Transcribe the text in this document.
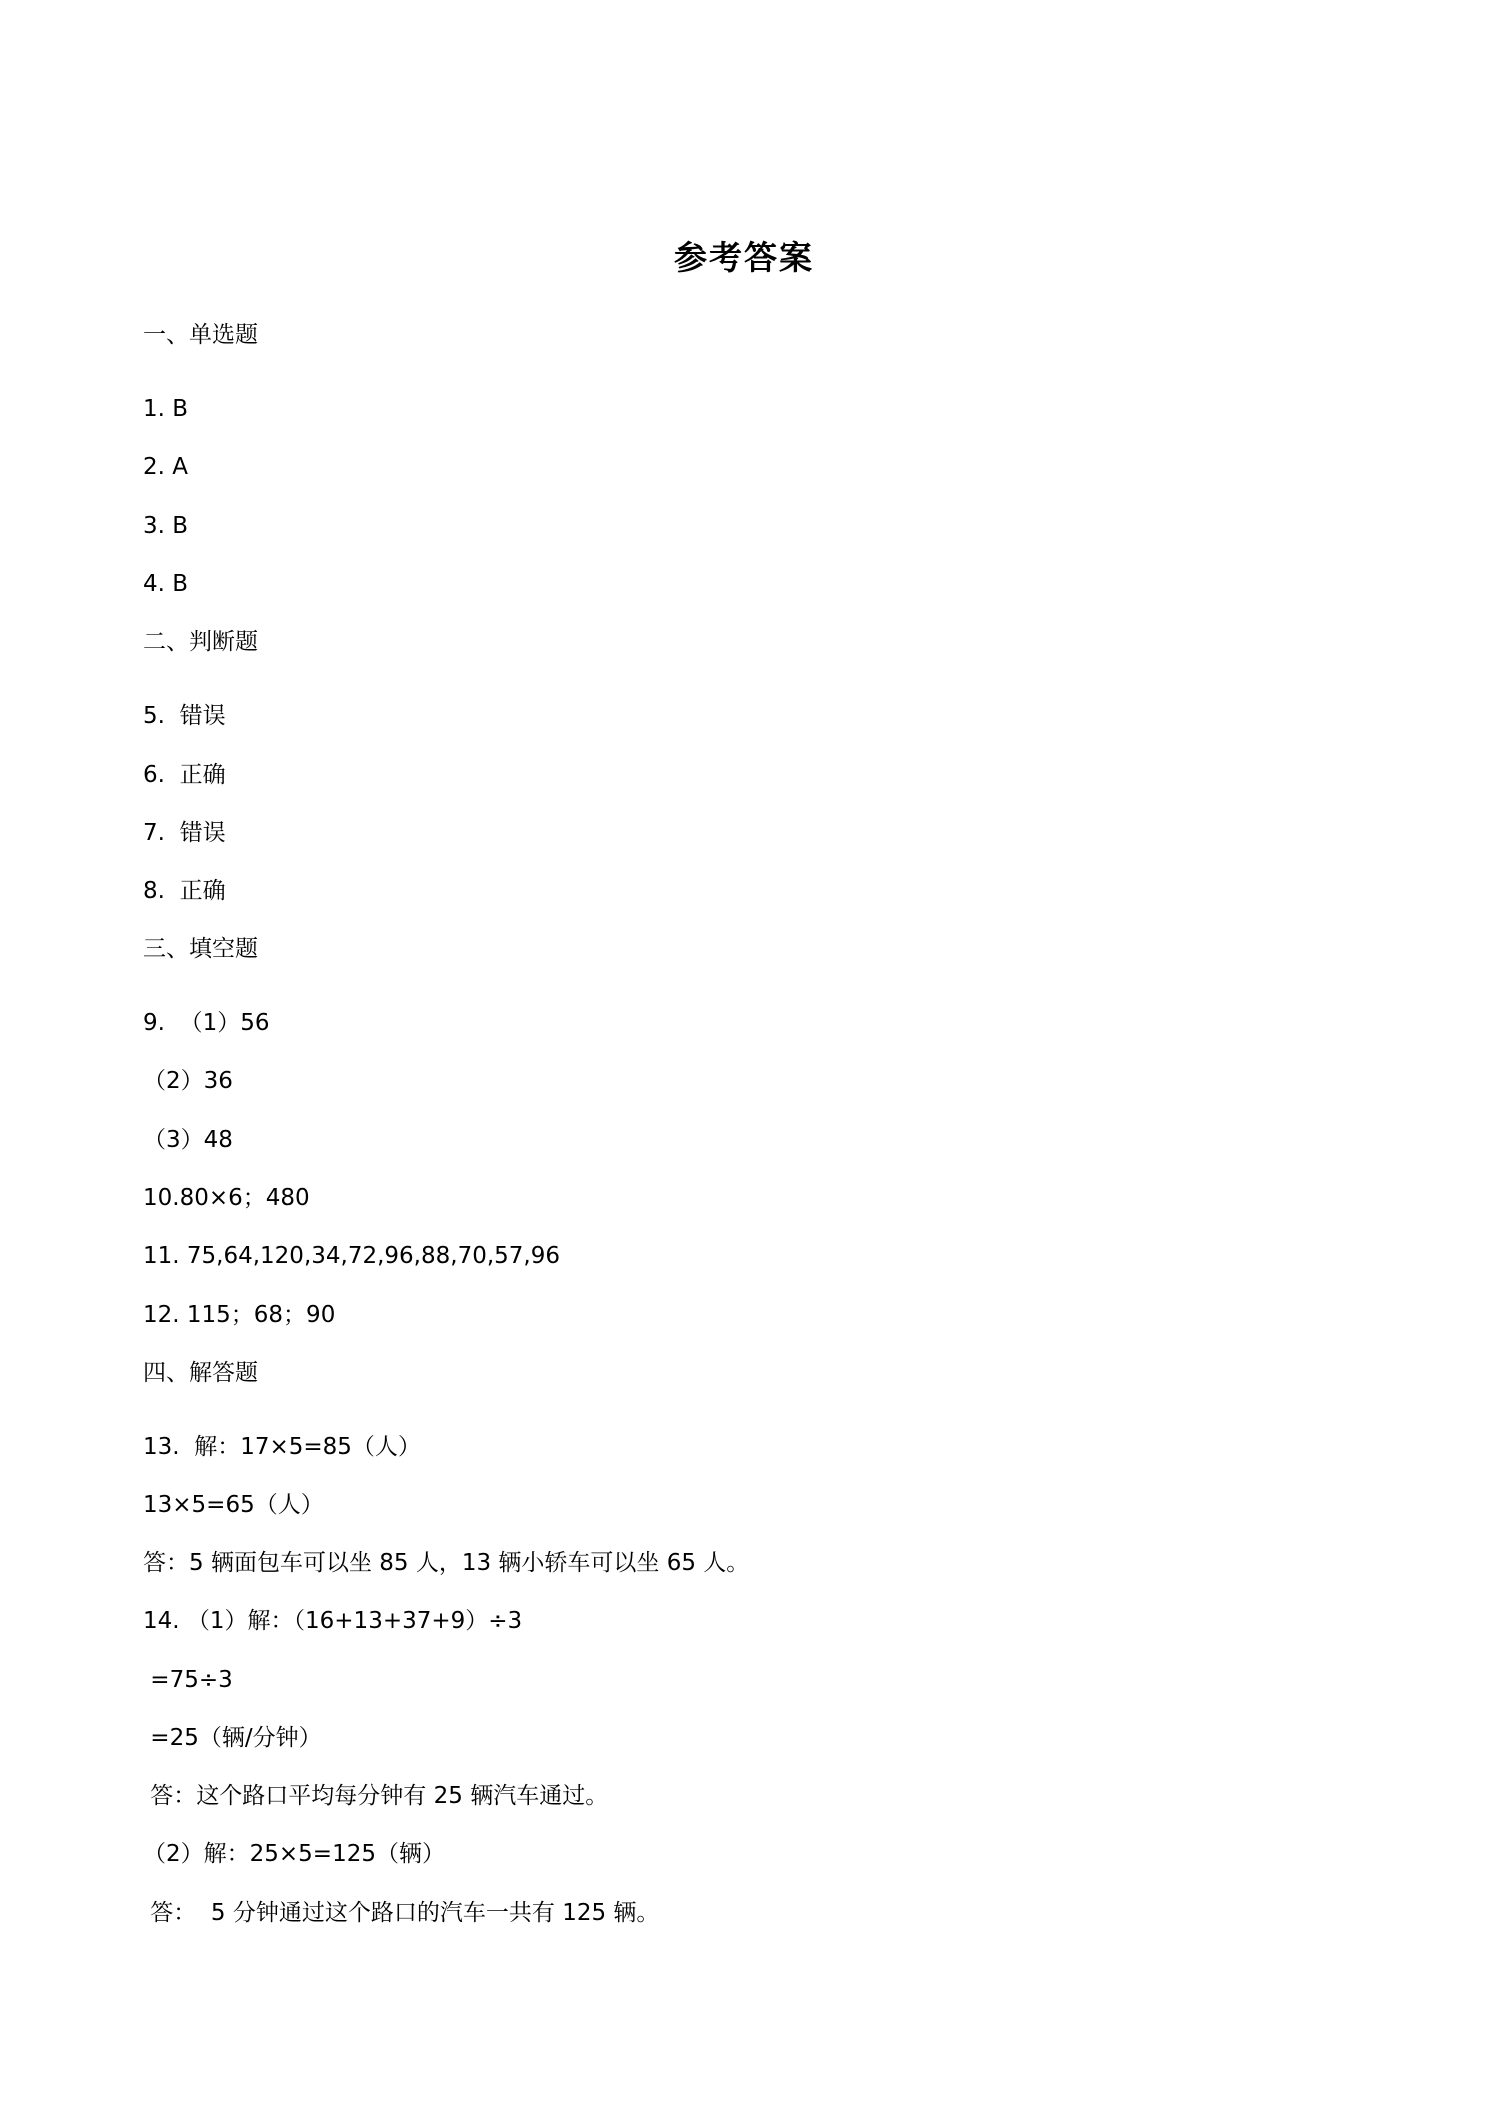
参考答案
一、单选题
1. B
2. A
3. B
4. B
二、判断题
5.  错误
6.  正确
7.  错误
8.  正确
三、填空题
9.  （1）56
（2）36
（3）48
10.80×6；480
11. 75,64,120,34,72,96,88,70,57,96
12. 115；68；90
四、解答题
13.  解：17×5=85（人）
13×5=65（人）
答：5 辆面包车可以坐 85 人，13 辆小轿车可以坐 65 人。
14. （1）解：（16+13+37+9）÷3
=75÷3
=25（辆/分钟）
答：这个路口平均每分钟有 25 辆汽车通过。
（2）解：25×5=125（辆）
答：  5 分钟通过这个路口的汽车一共有 125 辆。
